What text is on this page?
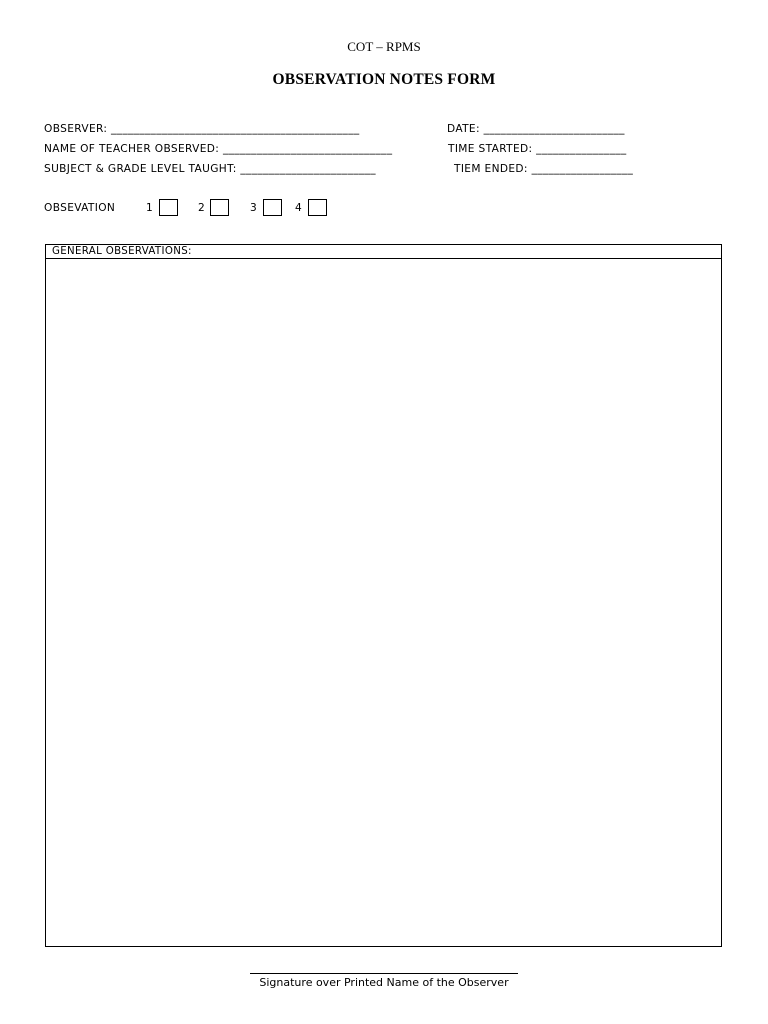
COT – RPMS
OBSERVATION NOTES FORM
OBSERVER: ____________________________________________	DATE: _________________________
NAME OF TEACHER OBSERVED: ______________________________	TIME STARTED: ________________
SUBJECT & GRADE LEVEL TAUGHT: ________________________	TIEM ENDED: __________________
OBSEVATION	1	2	3	4
GENERAL OBSERVATIONS:
Signature over Printed Name of the Observer
